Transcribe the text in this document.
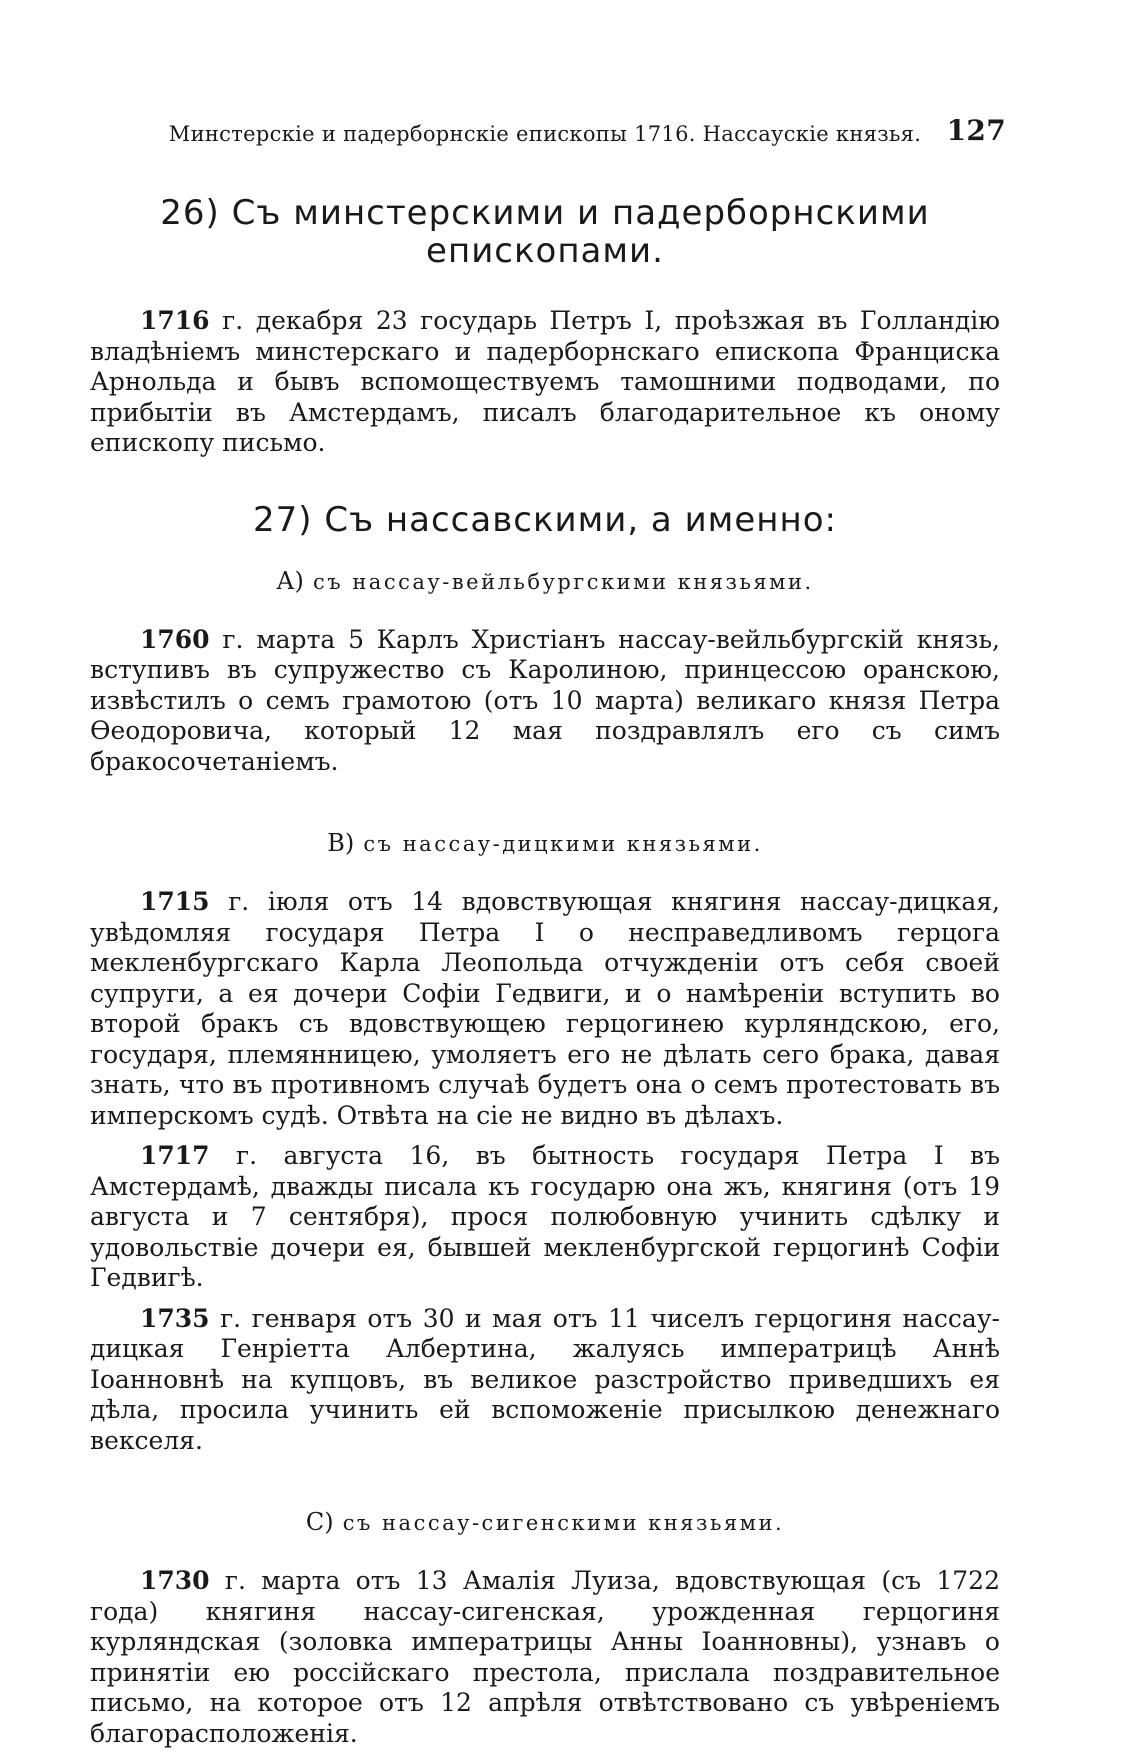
Минстерскіе и падерборнскіе епископы 1716. Нассаускіе князья. 127
26) Съ минстерскими и падерборнскими епископами.

1716 г. декабря 23 государь Петръ I, проѣзжая въ Голландію владѣніемъ минстерскаго и падерборнскаго епископа Франциска Арнольда и бывъ вспомоществуемъ тамошними подводами, по прибытіи въ Амстердамъ, писалъ благодарительное къ оному епископу письмо.

27) Съ нассавскими, а именно:
А) съ нассау-вейльбургскими князьями.

1760 г. марта 5 Карлъ Христіанъ нассау-вейльбургскій князь, вступивъ въ супружество съ Каролиною, принцессою оранскою, извѣстилъ о семъ грамотою (отъ 10 марта) великаго князя Петра Ѳеодоровича, который 12 мая поздравлялъ его съ симъ бракосочетаніемъ.

В) съ нассау-дицкими князьями.

1715 г. іюля отъ 14 вдовствующая княгиня нассау-дицкая, увѣдомляя государя Петра I о несправедливомъ герцога мекленбургскаго Карла Леопольда отчужденіи отъ себя своей супруги, а ея дочери Софіи Гедвиги, и о намѣреніи вступить во второй бракъ съ вдовствующею герцогинею курляндскою, его, государя, племянницею, умоляетъ его не дѣлать сего брака, давая знать, что въ противномъ случаѣ будетъ она о семъ протестовать въ имперскомъ судѣ. Отвѣта на сіе не видно въ дѣлахъ.

1717 г. августа 16, въ бытность государя Петра I въ Амстердамѣ, дважды писала къ государю она жъ, княгиня (отъ 19 августа и 7 сентября), прося полюбовную учинить сдѣлку и удовольствіе дочери ея, бывшей мекленбургской герцогинѣ Софіи Гедвигѣ.

1735 г. генваря отъ 30 и мая отъ 11 чиселъ герцогиня нассау-дицкая Генріетта Албертина, жалуясь императрицѣ Аннѣ Іоанновнѣ на купцовъ, въ великое разстройство приведшихъ ея дѣла, просила учинить ей вспоможеніе присылкою денежнаго векселя.

С) съ нассау-сигенскими князьями.

1730 г. марта отъ 13 Амалія Луиза, вдовствующая (съ 1722 года) княгиня нассау-сигенская, урожденная герцогиня курляндская (золовка императрицы Анны Іоанновны), узнавъ о принятіи ею россійскаго престола, прислала поздравительное письмо, на которое отъ 12 апрѣля отвѣтствовано съ увѣреніемъ благорасположенія.
